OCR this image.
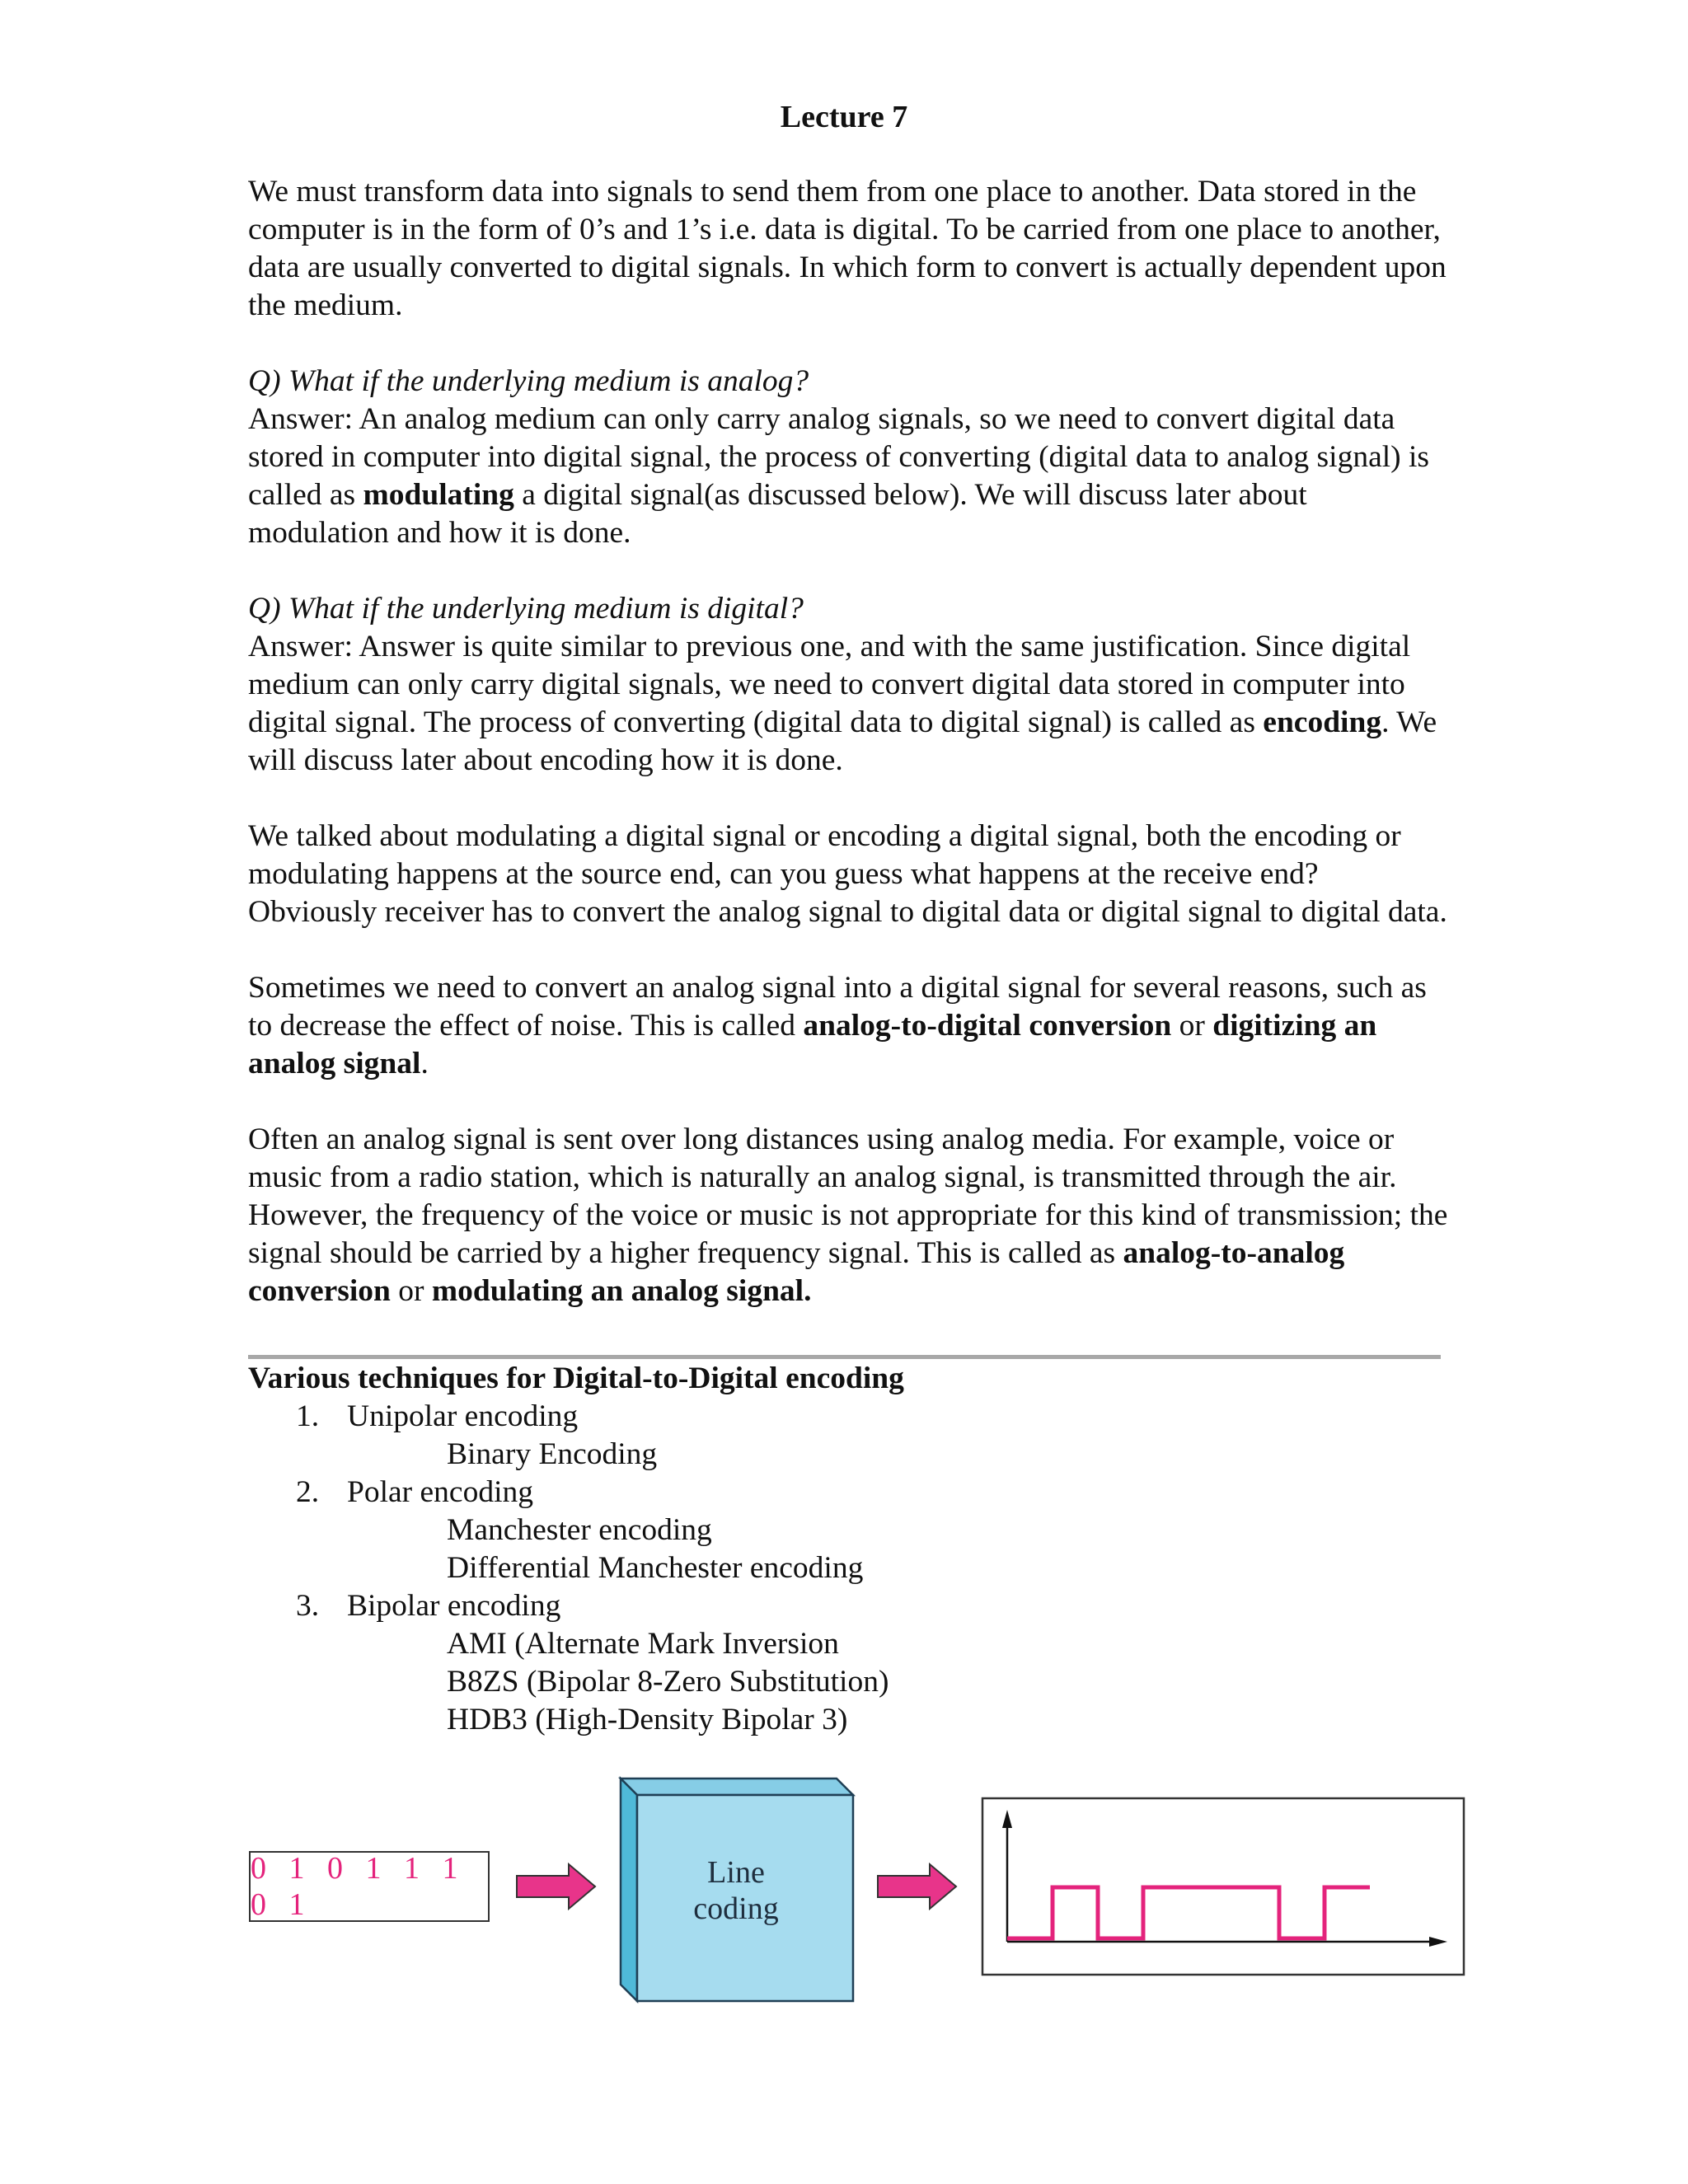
Lecture 7

We must transform data into signals to send them from one place to another. Data stored in the computer is in the form of 0’s and 1’s i.e. data is digital. To be carried from one place to another, data are usually converted to digital signals. In which form to convert is actually dependent upon the medium.

Q) What if the underlying medium is analog?

Answer: An analog medium can only carry analog signals, so we need to convert digital data stored in computer into digital signal, the process of converting (digital data to analog signal) is called as modulating a digital signal(as discussed below). We will discuss later about modulation and how it is done.

Q) What if the underlying medium is digital?

Answer: Answer is quite similar to previous one, and with the same justification. Since digital medium can only carry digital signals, we need to convert digital data stored in computer into digital signal. The process of converting (digital data to digital signal) is called as encoding. We will discuss later about encoding how it is done.

We talked about modulating a digital signal or encoding a digital signal, both the encoding or modulating happens at the source end, can you guess what happens at the receive end? Obviously receiver has to convert the analog signal to digital data or digital signal to digital data.

Sometimes we need to convert an analog signal into a digital signal for several reasons, such as to decrease the effect of noise. This is called analog-to-digital conversion or digitizing an analog signal.

Often an analog signal is sent over long distances using analog media. For example, voice or music from a radio station, which is naturally an analog signal, is transmitted through the air. However, the frequency of the voice or music is not appropriate for this kind of transmission; the signal should be carried by a higher frequency signal. This is called as analog-to-analog conversion or modulating an analog signal.

Various techniques for Digital-to-Digital encoding
1. Unipolar encoding
Binary Encoding
2. Polar encoding
Manchester encoding
Differential Manchester encoding
3. Bipolar encoding
AMI (Alternate Mark Inversion
B8ZS (Bipolar 8-Zero Substitution)
HDB3 (High-Density Bipolar 3)
0 1 0 1 1 1 0 1
Line
coding
